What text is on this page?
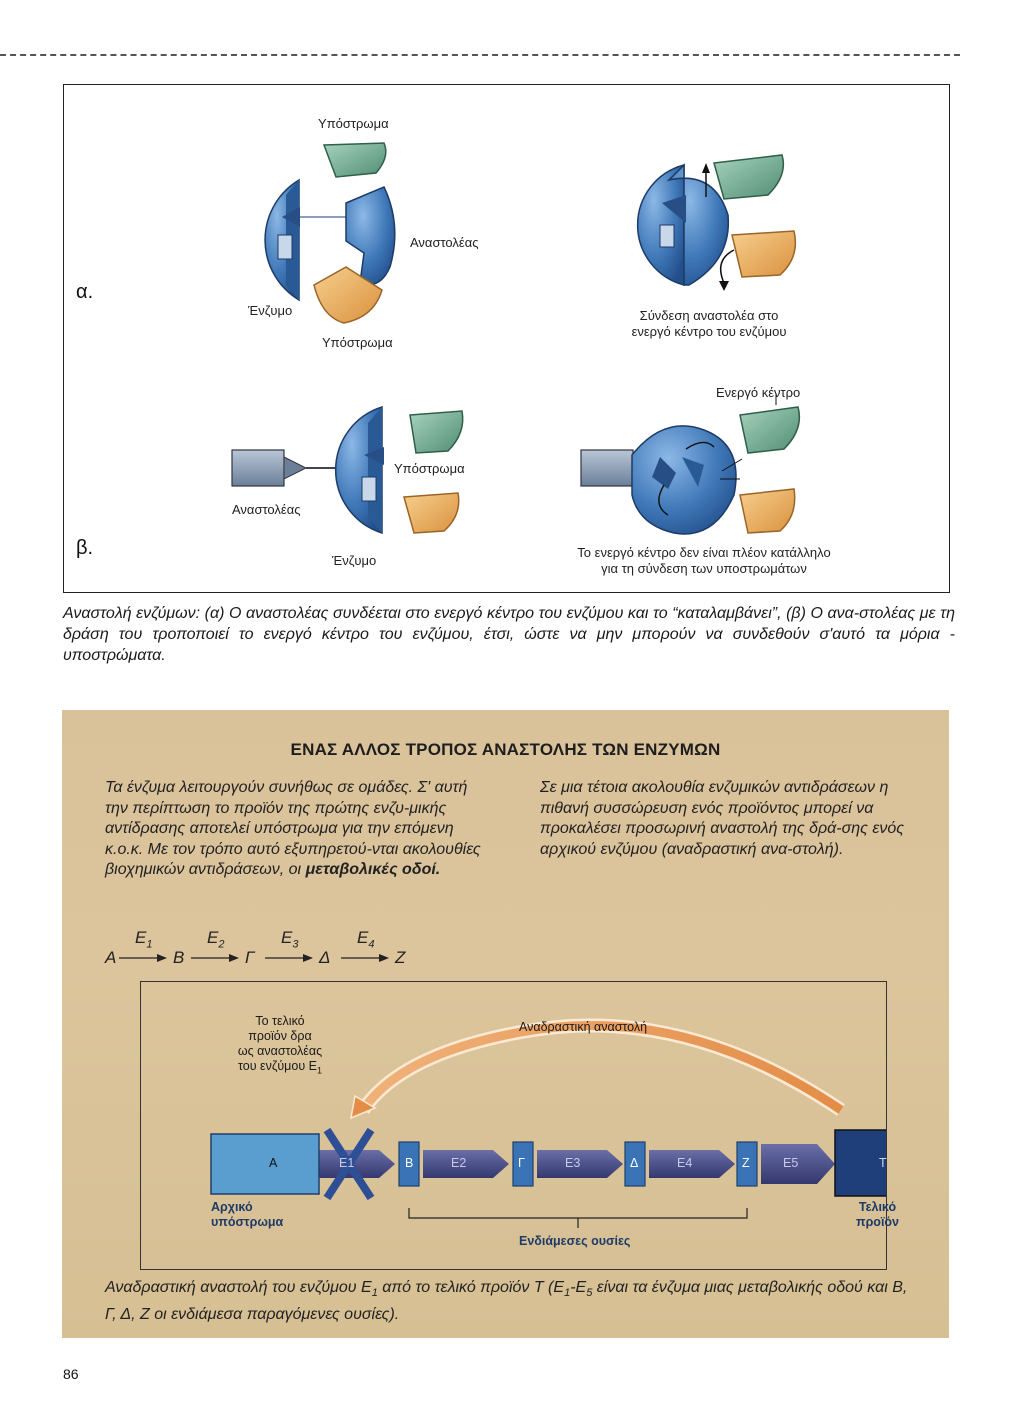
α.
β.
Υπόστρωμα
Αναστολέας
Ένζυμο
Υπόστρωμα
Σύνδεση αναστολέα στο
ενεργό κέντρο του ενζύμου
Ενεργό κέντρο
Υπόστρωμα
Αναστολέας
Ένζυμο
Το ενεργό κέντρο δεν είναι πλέον κατάλληλο
για τη σύνδεση των υποστρωμάτων
Αναστολή ενζύμων: (α) Ο αναστολέας συνδέεται στο ενεργό κέντρο του ενζύμου και το “καταλαμβάνει”, (β) Ο ανα-στολέας με τη δράση του τροποποιεί το ενεργό κέντρο του ενζύμου, έτσι, ώστε να μην μπορούν να συνδεθούν σ'αυτό τα μόρια - υποστρώματα.
ΕΝΑΣ ΑΛΛΟΣ ΤΡΟΠΟΣ ΑΝΑΣΤΟΛΗΣ ΤΩΝ ΕΝΖΥΜΩΝ
Τα ένζυμα λειτουργούν συνήθως σε ομάδες. Σ' αυτή την περίπτωση το προϊόν της πρώτης ενζυ-μικής αντίδρασης αποτελεί υπόστρωμα για την επόμενη κ.ο.κ. Με τον τρόπο αυτό εξυπηρετού-νται ακολουθίες βιοχημικών αντιδράσεων, οι μεταβολικές οδοί.
Σε μια τέτοια ακολουθία ενζυμικών αντιδράσεων η πιθανή συσσώρευση ενός προϊόντος μπορεί να προκαλέσει προσωρινή αναστολή της δρά-σης ενός αρχικού ενζύμου (αναδραστική ανα-στολή).
A	B	Γ	Δ	Z
$E_1$	$E_2$	$E_3$	$E_4$
Το τελικό
προϊόν δρα
ως αναστολέας
του ενζύμου $E_1$
Αναδραστική αναστολή
A	B	Γ	Δ	Z	T
E1	E2	E3	E4	E5
Αρχικό
υπόστρωμα
Τελικό
προϊόν
Ενδιάμεσες ουσίες
Αναδραστική αναστολή του ενζύμου $E_1$ από το τελικό προϊόν T ($E_1-E_5$ είναι τα ένζυμα μιας μεταβολικής οδού και B, Γ, Δ, Z οι ενδιάμεσα παραγόμενες ουσίες).
86
